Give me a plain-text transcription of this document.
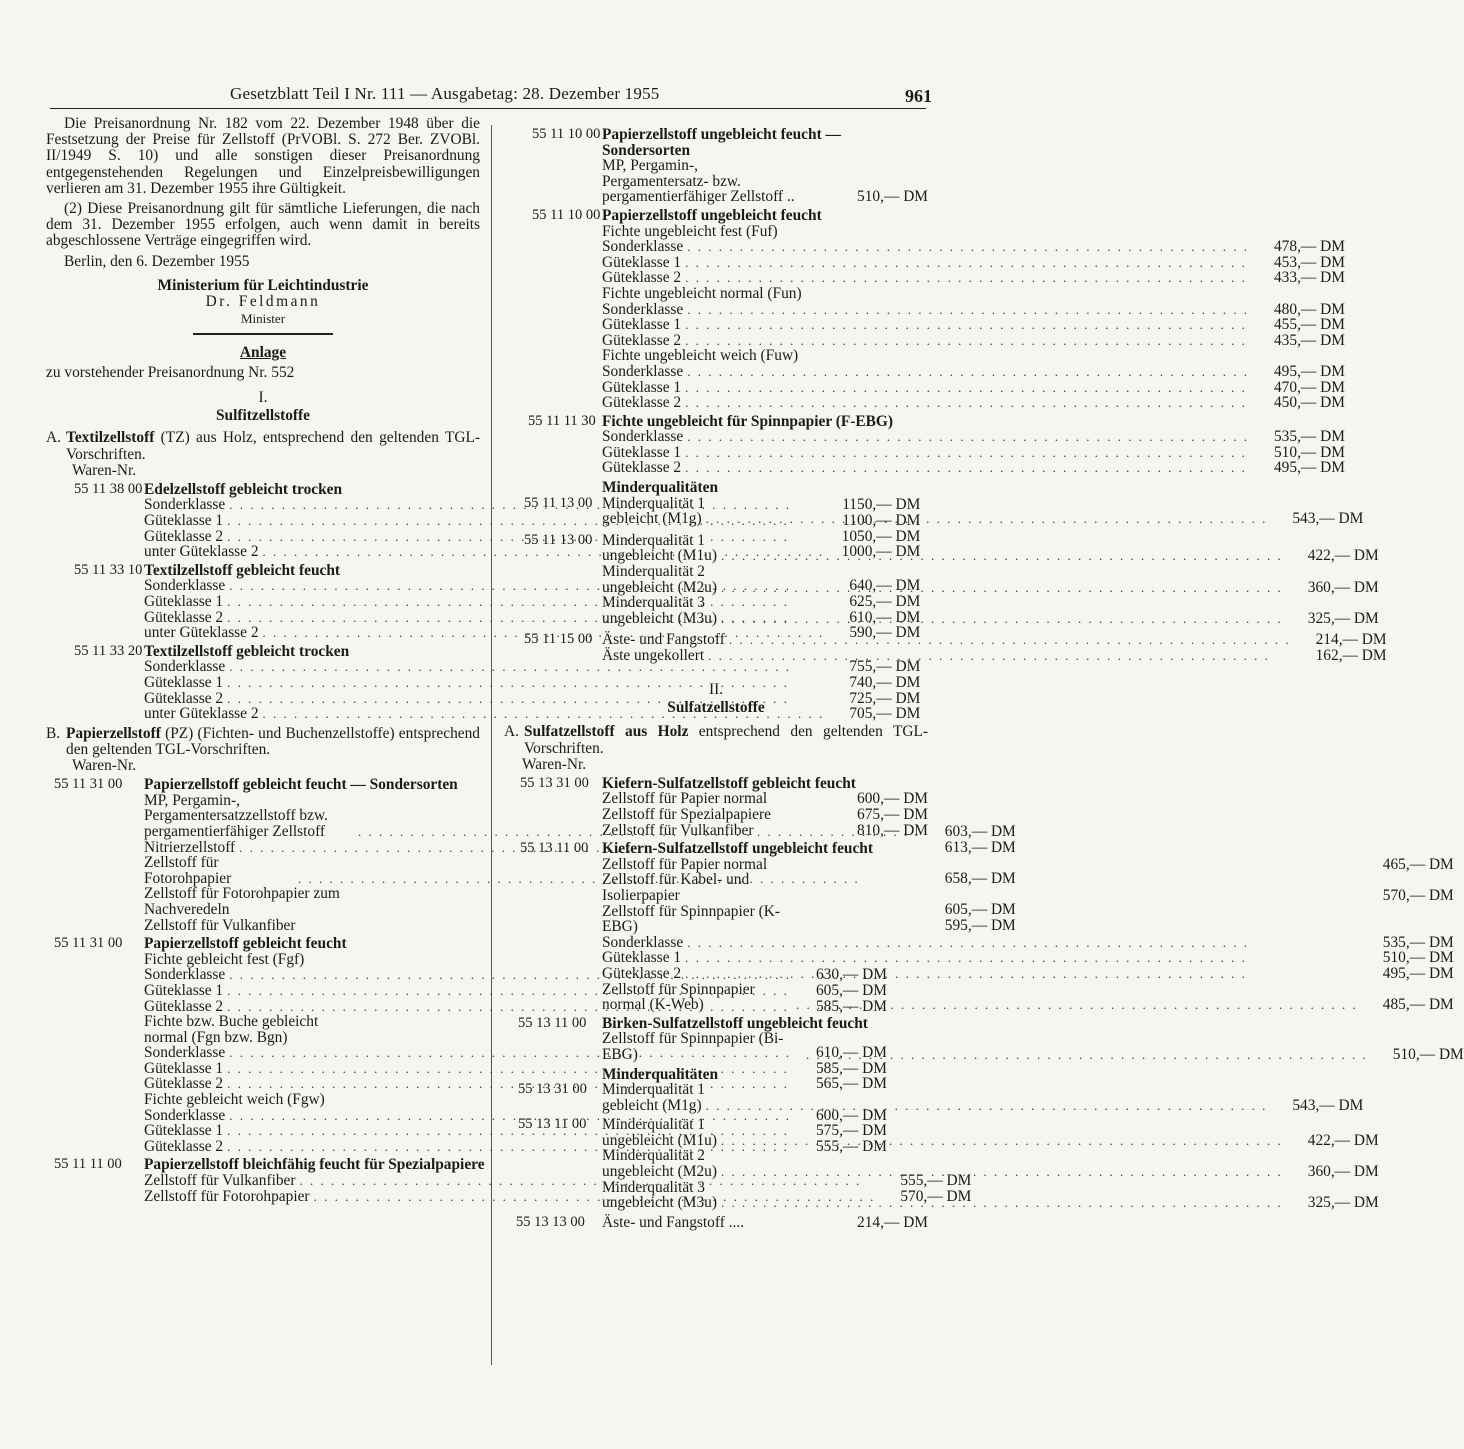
Gesetzblatt Teil I Nr. 111 — Ausgabetag: 28. Dezember 1955	961
Die Preisanordnung Nr. 182 vom 22. Dezember 1948 über die Festsetzung der Preise für Zellstoff (PrVOBl. S. 272 Ber. ZVOBl. II/1949 S. 10) und alle sonstigen dieser Preisanordnung entgegenstehenden Regelungen und Einzelpreisbewilligungen verlieren am 31. Dezember 1955 ihre Gültigkeit.
(2) Diese Preisanordnung gilt für sämtliche Lieferungen, die nach dem 31. Dezember 1955 erfolgen, auch wenn damit in bereits abgeschlossene Verträge eingegriffen wird.
Berlin, den 6. Dezember 1955
Ministerium für Leichtindustrie
Dr. Feldmann
Minister
Anlage
zu vorstehender Preisanordnung Nr. 552
I.
Sulfitzellstoffe
A. Textilzellstoff (TZ) aus Holz, entsprechend den geltenden TGL-Vorschriften.
Waren-Nr.
55 11 38 00 Edelzellstoff gebleicht trocken
Sonderklasse . . .	1150,— DM
Güteklasse 1 . . .	1100,— DM
Güteklasse 2 . . .	1050,— DM
unter Güteklasse 2 . . .	1000,— DM
55 11 33 10 Textilzellstoff gebleicht feucht
Sonderklasse . . .	640,— DM
Güteklasse 1 . . .	625,— DM
Güteklasse 2 . . .	610,— DM
unter Güteklasse 2 . . .	590,— DM
55 11 33 20 Textilzellstoff gebleicht trocken
Sonderklasse . . .	755,— DM
Güteklasse 1 . . .	740,— DM
Güteklasse 2 . . .	725,— DM
unter Güteklasse 2 . . .	705,— DM
B. Papierzellstoff (PZ) (Fichten- und Buchenzellstoffe) entsprechend den geltenden TGL-Vorschriften.
Waren-Nr.
55 11 31 00	Papierzellstoff gebleicht feucht — Sondersorten
MP, Pergamin-, Pergamentersatzzellstoff bzw. pergamentierfähiger Zellstoff . . .	603,— DM
Nitrierzellstoff . . .	613,— DM
Zellstoff für Fotorohpapier . . .	658,— DM
Zellstoff für Fotorohpapier zum Nachveredeln	605,— DM
Zellstoff für Vulkanfiber	595,— DM
55 11 31 00	Papierzellstoff gebleicht feucht
Fichte gebleicht fest (Fgf)
Sonderklasse . . .	630,— DM
Güteklasse 1 . . .	605,— DM
Güteklasse 2 . . .	585,— DM
Fichte bzw. Buche gebleicht normal (Fgn bzw. Bgn)
Sonderklasse . . .	610,— DM
Güteklasse 1 . . .	585,— DM
Güteklasse 2 . . .	565,— DM
Fichte gebleicht weich (Fgw)
Sonderklasse . . .	600,— DM
Güteklasse 1 . . .	575,— DM
Güteklasse 2 . . .	555,— DM
55 11 11 00	Papierzellstoff bleichfähig feucht für Spezialpapiere
Zellstoff für Vulkanfiber . . .	555,— DM
Zellstoff für Fotorohpapier . . .	570,— DM
55 11 10 00 Papierzellstoff ungebleicht feucht — Sondersorten
MP, Pergamin-, Pergamentersatz- bzw. pergamentierfähiger Zellstoff ..	510,— DM
55 11 10 00 Papierzellstoff ungebleicht feucht
Fichte ungebleicht fest (Fuf)
Sonderklasse . . .	478,— DM
Güteklasse 1 . . .	453,— DM
Güteklasse 2 . . .	433,— DM
Fichte ungebleicht normal (Fun)
Sonderklasse . . .	480,— DM
Güteklasse 1 . . .	455,— DM
Güteklasse 2 . . .	435,— DM
Fichte ungebleicht weich (Fuw)
Sonderklasse . . .	495,— DM
Güteklasse 1 . . .	470,— DM
Güteklasse 2 . . .	450,— DM
55 11 11 30 Fichte ungebleicht für Spinnpapier (F-EBG)
Sonderklasse . . .	535,— DM
Güteklasse 1 . . .	510,— DM
Güteklasse 2 . . .	495,— DM
Minderqualitäten
55 11 13 00 Minderqualität 1
gebleicht (M1g) . . .	543,— DM
55 11 13 00 Minderqualität 1
ungebleicht (M1u) . . .	422,— DM
Minderqualität 2
ungebleicht (M2u) . . .	360,— DM
Minderqualität 3
ungebleicht (M3u) . . .	325,— DM
55 11 15 00 Äste- und Fangstoff . . .	214,— DM
Äste ungekollert . . .	162,— DM
II.
Sulfatzellstoffe
A. Sulfatzellstoff aus Holz entsprechend den geltenden TGL-Vorschriften.
Waren-Nr.
55 13 31 00 Kiefern-Sulfatzellstoff gebleicht feucht
Zellstoff für Papier normal	600,— DM
Zellstoff für Spezialpapiere	675,— DM
Zellstoff für Vulkanfiber	810,— DM
55 13 11 00 Kiefern-Sulfatzellstoff ungebleicht feucht
Zellstoff für Papier normal	465,— DM
Zellstoff für Kabel- und Isolierpapier	570,— DM
Zellstoff für Spinnpapier (K-EBG)
Sonderklasse . . .	535,— DM
Güteklasse 1 . . .	510,— DM
Güteklasse 2 . . .	495,— DM
Zellstoff für Spinnpapier normal (K-Web) . . .	485,— DM
55 13 11 00	Birken-Sulfatzellstoff ungebleicht feucht
Zellstoff für Spinnpapier (Bi-EBG) . . .	510,— DM
Minderqualitäten
55 13 31 00 Minderqualität 1
gebleicht (M1g) . . .	543,— DM
55 13 11 00	Minderqualität 1
ungebleicht (M1u) . . .	422,— DM
Minderqualität 2
ungebleicht (M2u) . . .	360,— DM
Minderqualität 3
ungebleicht (M3u) . . .	325,— DM
55 13 13 00	Äste- und Fangstoff ....	214,— DM
